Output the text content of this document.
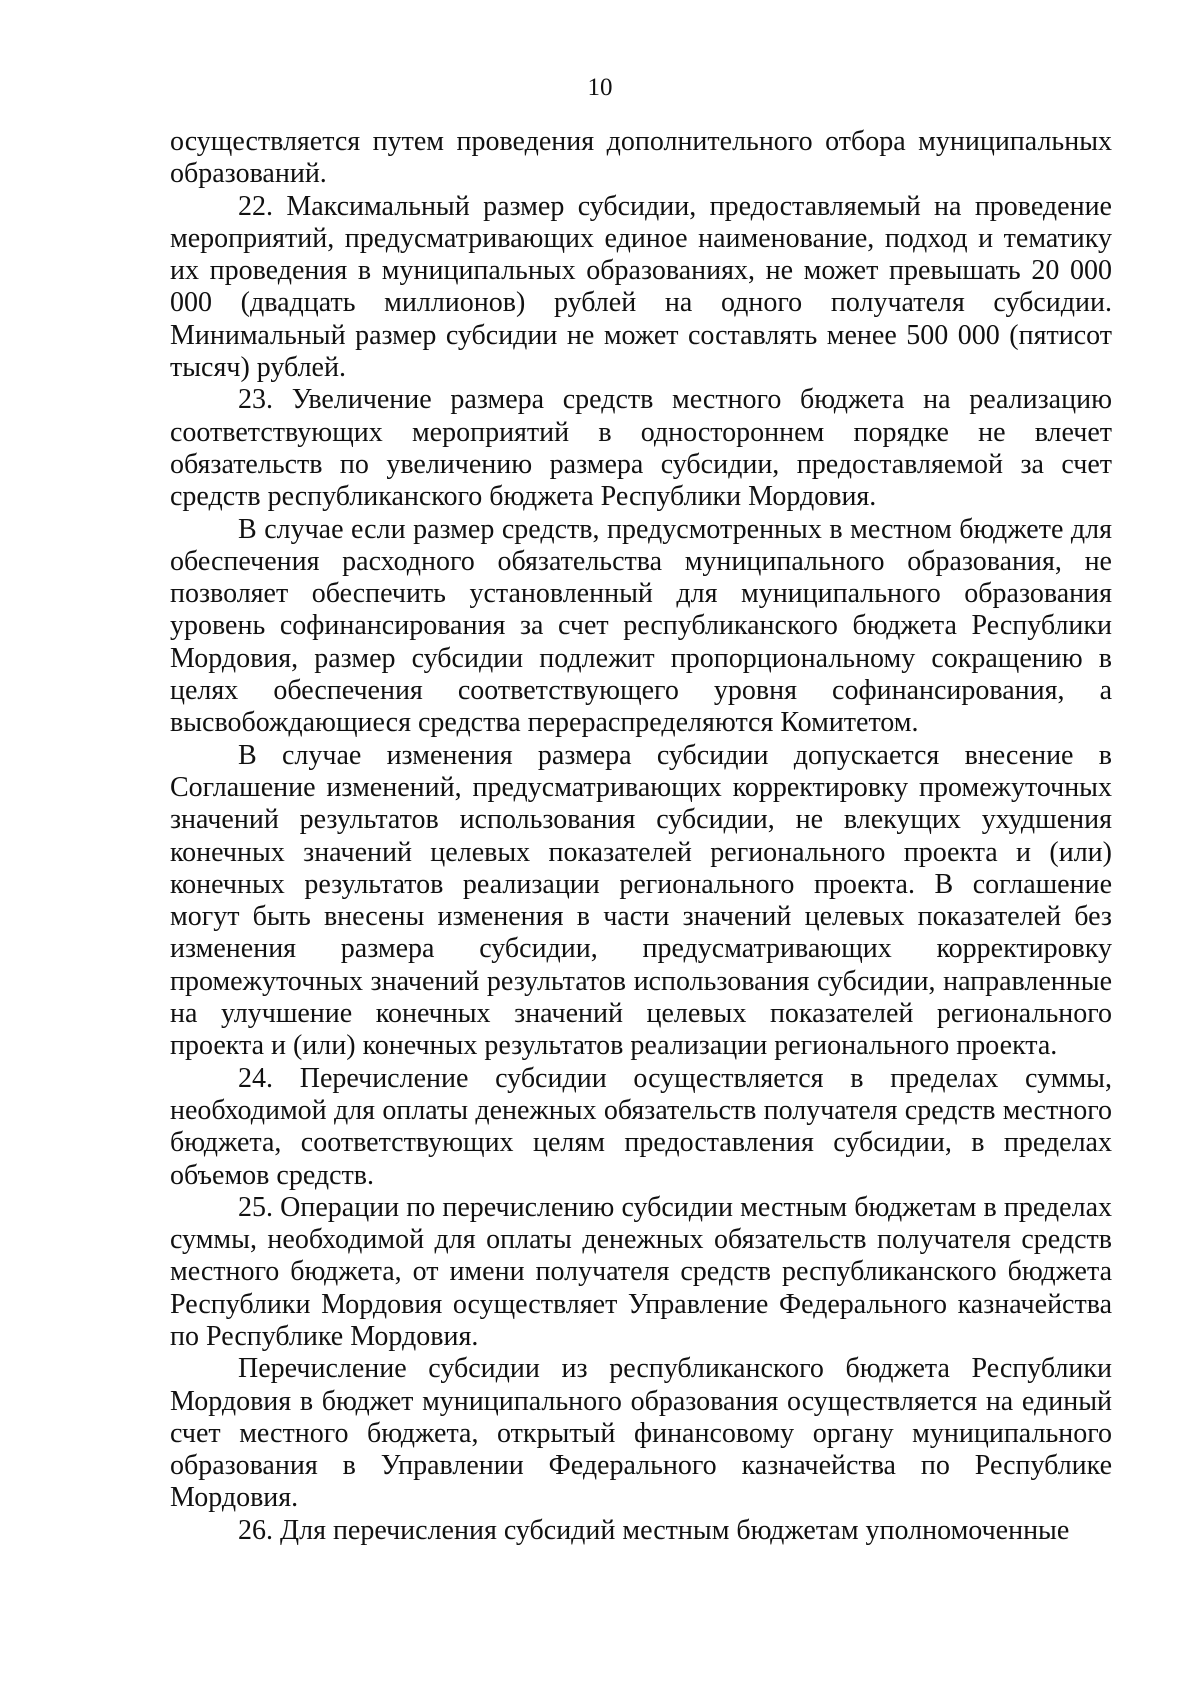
10

осуществляется путем проведения дополнительного отбора муниципальных образований.

22. Максимальный размер субсидии, предоставляемый на проведение мероприятий, предусматривающих единое наименование, подход и тематику их проведения в муниципальных образованиях, не может превышать 20 000 000 (двадцать миллионов) рублей на одного получателя субсидии. Минимальный размер субсидии не может составлять менее 500 000 (пятисот тысяч) рублей.

23. Увеличение размера средств местного бюджета на реализацию соответствующих мероприятий в одностороннем порядке не влечет обязательств по увеличению размера субсидии, предоставляемой за счет средств республиканского бюджета Республики Мордовия.

В случае если размер средств, предусмотренных в местном бюджете для обеспечения расходного обязательства муниципального образования, не позволяет обеспечить установленный для муниципального образования уровень софинансирования за счет республиканского бюджета Республики Мордовия, размер субсидии подлежит пропорциональному сокращению в целях обеспечения соответствующего уровня софинансирования, а высвобождающиеся средства перераспределяются Комитетом.

В случае изменения размера субсидии допускается внесение в Соглашение изменений, предусматривающих корректировку промежуточных значений результатов использования субсидии, не влекущих ухудшения конечных значений целевых показателей регионального проекта и (или) конечных результатов реализации регионального проекта. В соглашение могут быть внесены изменения в части значений целевых показателей без изменения размера субсидии, предусматривающих корректировку промежуточных значений результатов использования субсидии, направленные на улучшение конечных значений целевых показателей регионального проекта и (или) конечных результатов реализации регионального проекта.

24. Перечисление субсидии осуществляется в пределах суммы, необходимой для оплаты денежных обязательств получателя средств местного бюджета, соответствующих целям предоставления субсидии, в пределах объемов средств.

25. Операции по перечислению субсидии местным бюджетам в пределах суммы, необходимой для оплаты денежных обязательств получателя средств местного бюджета, от имени получателя средств республиканского бюджета Республики Мордовия осуществляет Управление Федерального казначейства по Республике Мордовия.

Перечисление субсидии из республиканского бюджета Республики Мордовия в бюджет муниципального образования осуществляется на единый счет местного бюджета, открытый финансовому органу муниципального образования в Управлении Федерального казначейства по Республике Мордовия.

26. Для перечисления субсидий местным бюджетам уполномоченные
